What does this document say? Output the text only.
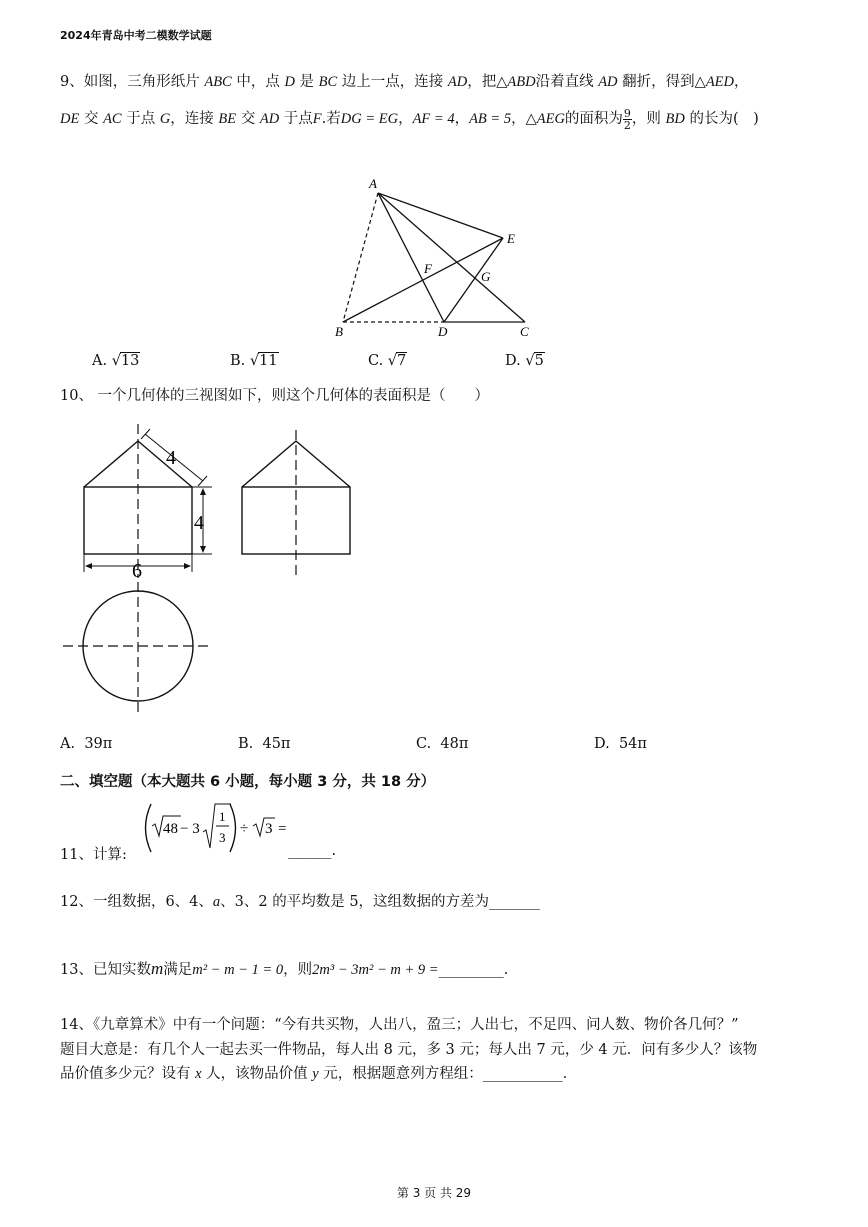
2024年青岛中考二模数学试题
9、如图，三角形纸片 ABC 中，点 D 是 BC 边上一点，连接 AD，把△ABD沿着直线 AD 翻折，得到△AED，
DE 交 AC 于点 G，连接 BE 交 AD 于点F.若DG = EG，AF = 4，AB = 5，△AEG的面积为 $\frac{9}{2}$ ，则 BD 的长为(　)
A
B	C
D
E
F
G
A. √13	B. √11	C. √7	D. √5
10、 一个几何体的三视图如下，则这个几何体的表面积是（　　）
4
4
6
A. 39π	B. 45π	C. 48π	D. 54π
二、填空题（本大题共 6 小题，每小题 3 分，共 18 分）
11、计算:
48 − 3
1
3
÷ 3 =
______.
12、一组数据，6、4、a、3、2 的平均数是 5，这组数据的方差为_______
13、已知实数m满足m² − m − 1 = 0，则2m³ − 3m² − m + 9 =_________.
14、《九章算术》中有一个问题：“今有共买物，人出八，盈三；人出七，不足四、问人数、物价各几何？”
题目大意是：有几个人一起去买一件物品，每人出 8 元，多 3 元；每人出 7 元，少 4 元．问有多少人？该物
品价值多少元？设有 x 人，该物品价值 y 元，根据题意列方程组：___________.
第 3 页 共 29
